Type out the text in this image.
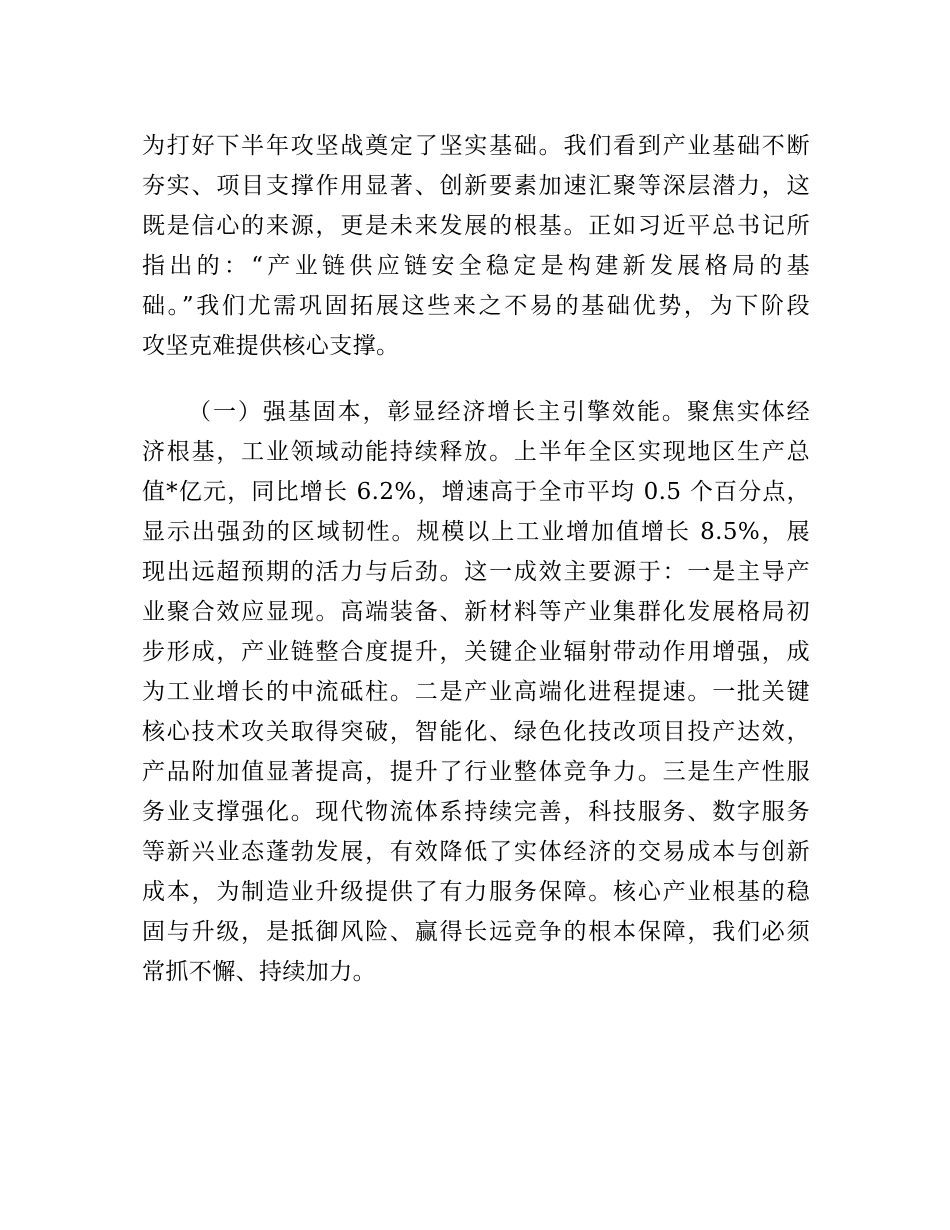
为打好下半年攻坚战奠定了坚实基础。我们看到产业基础不断
夯实、项目支撑作用显著、创新要素加速汇聚等深层潜力，这
既是信心的来源，更是未来发展的根基。正如习近平总书记所
指出的：“产业链供应链安全稳定是构建新发展格局的基
础。”我们尤需巩固拓展这些来之不易的基础优势，为下阶段
攻坚克难提供核心支撑。
（一）强基固本，彰显经济增长主引擎效能。聚焦实体经
济根基，工业领域动能持续释放。上半年全区实现地区生产总
值*亿元，同比增长 6.2%，增速高于全市平均 0.5 个百分点，
显示出强劲的区域韧性。规模以上工业增加值增长 8.5%，展
现出远超预期的活力与后劲。这一成效主要源于：一是主导产
业聚合效应显现。高端装备、新材料等产业集群化发展格局初
步形成，产业链整合度提升，关键企业辐射带动作用增强，成
为工业增长的中流砥柱。二是产业高端化进程提速。一批关键
核心技术攻关取得突破，智能化、绿色化技改项目投产达效，
产品附加值显著提高，提升了行业整体竞争力。三是生产性服
务业支撑强化。现代物流体系持续完善，科技服务、数字服务
等新兴业态蓬勃发展，有效降低了实体经济的交易成本与创新
成本，为制造业升级提供了有力服务保障。核心产业根基的稳
固与升级，是抵御风险、赢得长远竞争的根本保障，我们必须
常抓不懈、持续加力。
